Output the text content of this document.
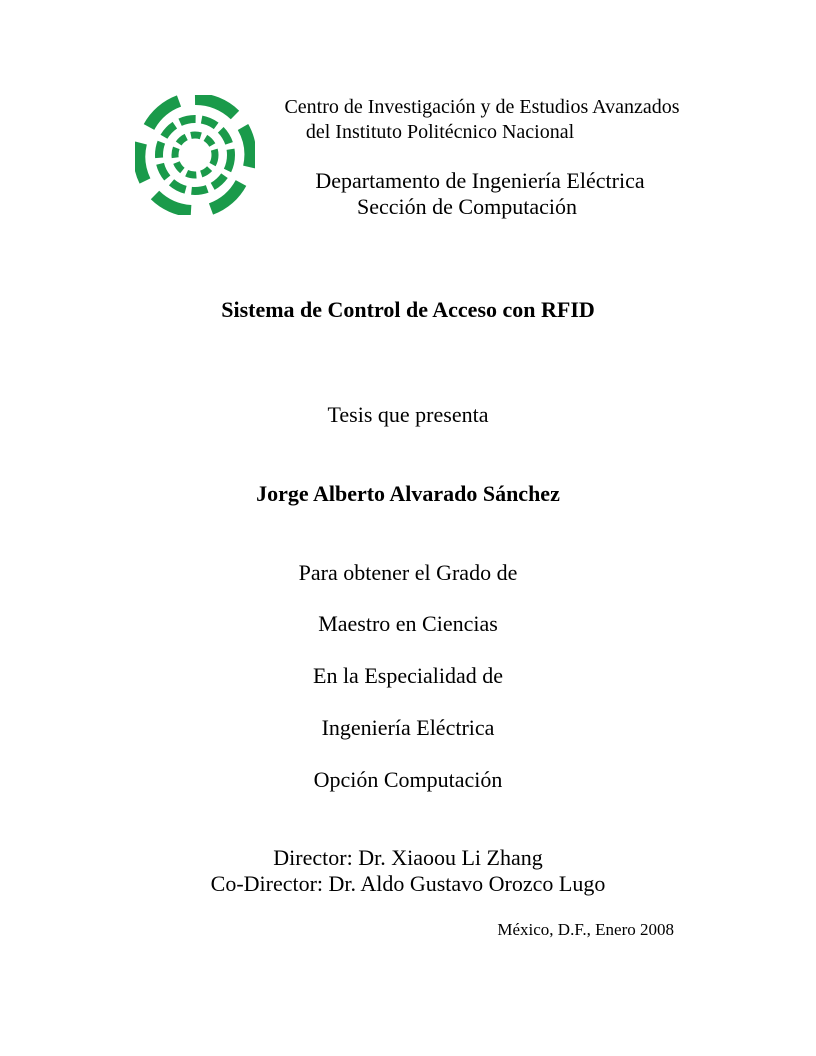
Centro de Investigación y de Estudios Avanzados
del Instituto Politécnico Nacional
Departamento de Ingeniería Eléctrica
Sección de Computación
Sistema de Control de Acceso con RFID
Tesis que presenta
Jorge Alberto Alvarado Sánchez
Para obtener el Grado de
Maestro en Ciencias
En la Especialidad de
Ingeniería Eléctrica
Opción Computación
Director: Dr. Xiaoou Li Zhang
Co-Director: Dr. Aldo Gustavo Orozco Lugo
México, D.F., Enero 2008
